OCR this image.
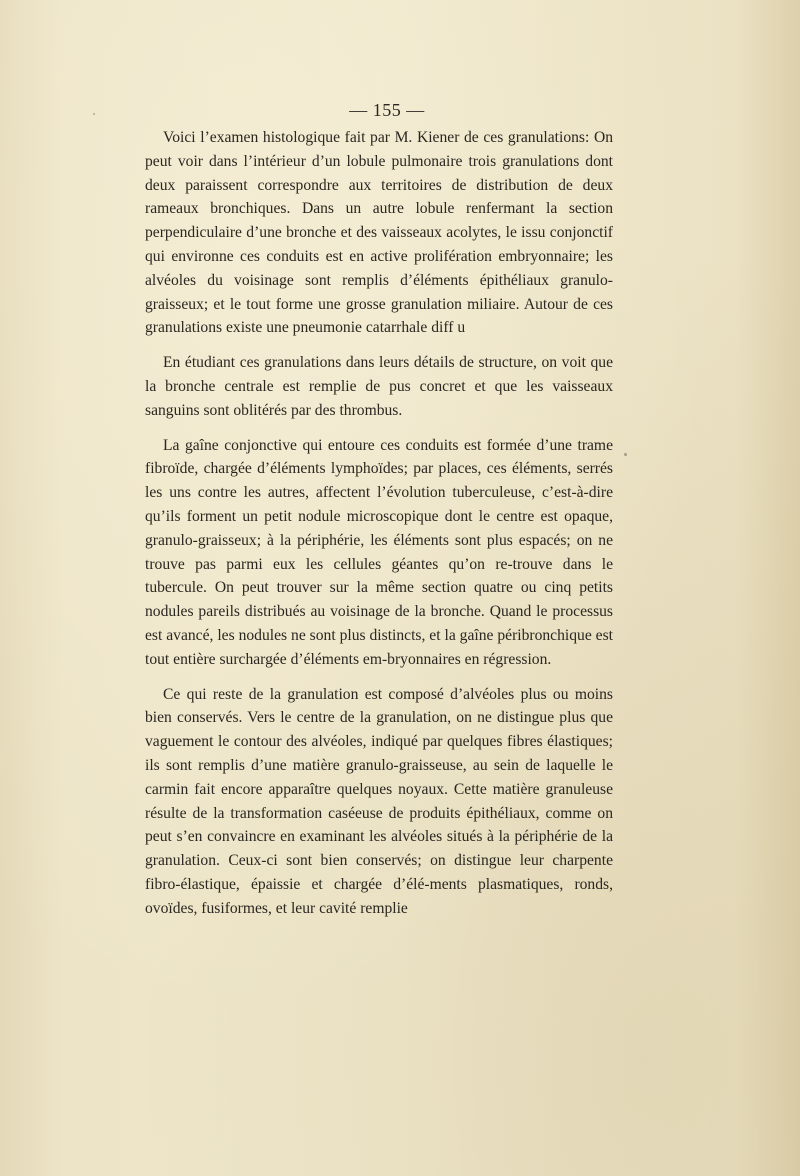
— 155 —

Voici l’examen histologique fait par M. Kiener de ces granulations: On peut voir dans l’intérieur d’un lobule pulmonaire trois granulations dont deux paraissent correspondre aux territoires de distribution de deux rameaux bronchiques. Dans un autre lobule renfermant la section perpendiculaire d’une bronche et des vaisseaux acolytes, le issu conjonctif qui environne ces conduits est en active prolifération embryonnaire; les alvéoles du voisinage sont remplis d’éléments épithéliaux granulo-graisseux; et le tout forme une grosse granulation miliaire. Autour de ces granulations existe une pneumonie catarrhale diff u

En étudiant ces granulations dans leurs détails de structure, on voit que la bronche centrale est remplie de pus concret et que les vaisseaux sanguins sont oblitérés par des thrombus.

La gaîne conjonctive qui entoure ces conduits est formée d’une trame fibroïde, chargée d’éléments lymphoïdes; par places, ces éléments, serrés les uns contre les autres, affectent l’évolution tuberculeuse, c’est-à-dire qu’ils forment un petit nodule microscopique dont le centre est opaque, granulo-graisseux; à la périphérie, les éléments sont plus espacés; on ne trouve pas parmi eux les cellules géantes qu’on re-trouve dans le tubercule. On peut trouver sur la même section quatre ou cinq petits nodules pareils distribués au voisinage de la bronche. Quand le processus est avancé, les nodules ne sont plus distincts, et la gaîne péribronchique est tout entière surchargée d’éléments em-bryonnaires en régression.

Ce qui reste de la granulation est composé d’alvéoles plus ou moins bien conservés. Vers le centre de la granulation, on ne distingue plus que vaguement le contour des alvéoles, indiqué par quelques fibres élastiques; ils sont remplis d’une matière granulo-graisseuse, au sein de laquelle le carmin fait encore apparaître quelques noyaux. Cette matière granuleuse résulte de la transformation caséeuse de produits épithéliaux, comme on peut s’en convaincre en examinant les alvéoles situés à la périphérie de la granulation. Ceux-ci sont bien conservés; on distingue leur charpente fibro-élastique, épaissie et chargée d’élé-ments plasmatiques, ronds, ovoïdes, fusiformes, et leur cavité remplie
